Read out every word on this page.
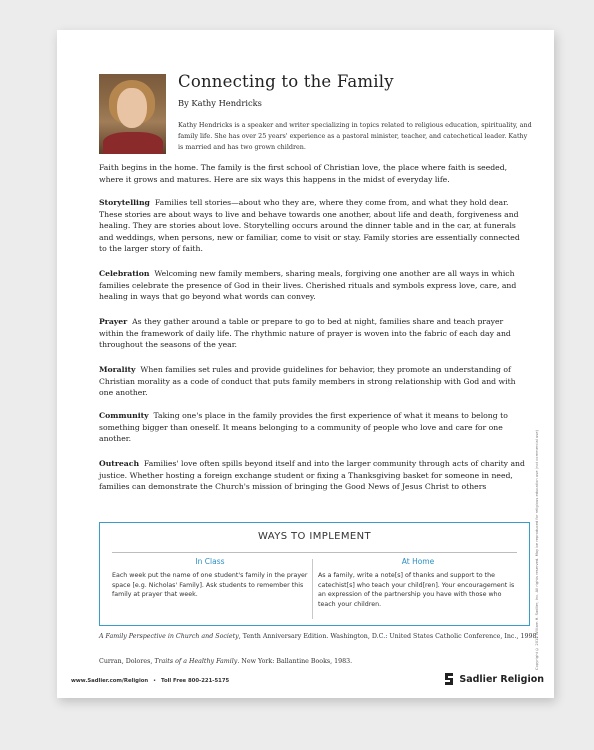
Connecting to the Family
By Kathy Hendricks
Kathy Hendricks is a speaker and writer specializing in topics related to religious education, spirituality, and family life. She has over 25 years' experience as a pastoral minister, teacher, and catechetical leader. Kathy is married and has two grown children.
Faith begins in the home. The family is the first school of Christian love, the place where faith is seeded, where it grows and matures. Here are six ways this happens in the midst of everyday life.
Storytelling Families tell stories—about who they are, where they come from, and what they hold dear. These stories are about ways to live and behave towards one another, about life and death, forgiveness and healing. They are stories about love. Storytelling occurs around the dinner table and in the car, at funerals and weddings, when persons, new or familiar, come to visit or stay. Family stories are essentially connected to the larger story of faith.
Celebration Welcoming new family members, sharing meals, forgiving one another are all ways in which families celebrate the presence of God in their lives. Cherished rituals and symbols express love, care, and healing in ways that go beyond what words can convey.
Prayer As they gather around a table or prepare to go to bed at night, families share and teach prayer within the framework of daily life. The rhythmic nature of prayer is woven into the fabric of each day and throughout the seasons of the year.
Morality When families set rules and provide guidelines for behavior, they promote an understanding of Christian morality as a code of conduct that puts family members in strong relationship with God and with one another.
Community Taking one's place in the family provides the first experience of what it means to belong to something bigger than oneself. It means belonging to a community of people who love and care for one another.
Outreach Families' love often spills beyond itself and into the larger community through acts of charity and justice. Whether hosting a foreign exchange student or fixing a Thanksgiving basket for someone in need, families can demonstrate the Church's mission of bringing the Good News of Jesus Christ to others
WAYS TO IMPLEMENT
In Class
Each week put the name of one student's family in the prayer space [e.g. Nicholas' Family]. Ask students to remember this family at prayer that week.
At Home
As a family, write a note[s] of thanks and support to the catechist[s] who teach your child[ren]. Your encouragement is an expression of the partnership you have with those who teach your children.
A Family Perspective in Church and Society, Tenth Anniversary Edition. Washington, D.C.: United States Catholic Conference, Inc., 1998.
Curran, Dolores, Traits of a Healthy Family. New York: Ballantine Books, 1983.
www.Sadlier.com/Religion • Toll Free 800-221-5175	Sadlier Religion
Copyright © 2015 William H. Sadlier, Inc. All rights reserved. May be reproduced for religious education use (not commercial use)
